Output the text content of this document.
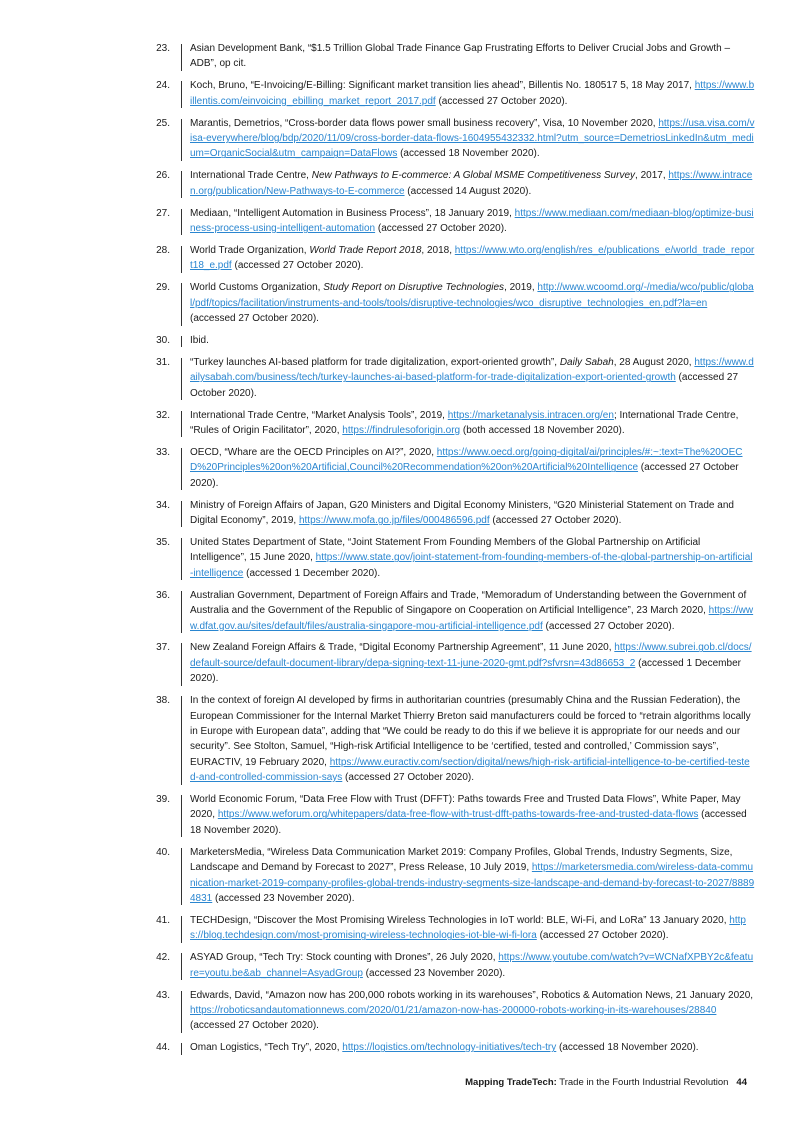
23. Asian Development Bank, “$1.5 Trillion Global Trade Finance Gap Frustrating Efforts to Deliver Crucial Jobs and Growth – ADB”, op cit.
24. Koch, Bruno, “E-Invoicing/E-Billing: Significant market transition lies ahead”, Billentis No. 180517 5, 18 May 2017, https://www.billentis.com/einvoicing_ebilling_market_report_2017.pdf (accessed 27 October 2020).
25. Marantis, Demetrios, “Cross-border data flows power small business recovery”, Visa, 10 November 2020, https://usa.visa.com/visa-everywhere/blog/bdp/2020/11/09/cross-border-data-flows-1604955432332.html?utm_source=DemetriosLinkedIn&utm_medium=OrganicSocial&utm_campaign=DataFlows (accessed 18 November 2020).
26. International Trade Centre, New Pathways to E-commerce: A Global MSME Competitiveness Survey, 2017, https://www.intracen.org/publication/New-Pathways-to-E-commerce (accessed 14 August 2020).
27. Mediaan, “Intelligent Automation in Business Process”, 18 January 2019, https://www.mediaan.com/mediaan-blog/optimize-business-process-using-intelligent-automation (accessed 27 October 2020).
28. World Trade Organization, World Trade Report 2018, 2018, https://www.wto.org/english/res_e/publications_e/world_trade_report18_e.pdf (accessed 27 October 2020).
29. World Customs Organization, Study Report on Disruptive Technologies, 2019, http://www.wcoomd.org/-/media/wco/public/global/pdf/topics/facilitation/instruments-and-tools/tools/disruptive-technologies/wco_disruptive_technologies_en.pdf?la=en (accessed 27 October 2020).
30. Ibid.
31. “Turkey launches AI-based platform for trade digitalization, export-oriented growth”, Daily Sabah, 28 August 2020, https://www.dailysabah.com/business/tech/turkey-launches-ai-based-platform-for-trade-digitalization-export-oriented-growth (accessed 27 October 2020).
32. International Trade Centre, “Market Analysis Tools”, 2019, https://marketanalysis.intracen.org/en; International Trade Centre, “Rules of Origin Facilitator”, 2020, https://findrulesoforigin.org (both accessed 18 November 2020).
33. OECD, “Whare are the OECD Principles on AI?”, 2020, https://www.oecd.org/going-digital/ai/principles/#:~:text=The%20OECD%20Principles%20on%20Artificial,Council%20Recommendation%20on%20Artificial%20Intelligence (accessed 27 October 2020).
34. Ministry of Foreign Affairs of Japan, G20 Ministers and Digital Economy Ministers, “G20 Ministerial Statement on Trade and Digital Economy”, 2019, https://www.mofa.go.jp/files/000486596.pdf (accessed 27 October 2020).
35. United States Department of State, “Joint Statement From Founding Members of the Global Partnership on Artificial Intelligence”, 15 June 2020, https://www.state.gov/joint-statement-from-founding-members-of-the-global-partnership-on-artificial-intelligence (accessed 1 December 2020).
36. Australian Government, Department of Foreign Affairs and Trade, “Memoradum of Understanding between the Government of Australia and the Government of the Republic of Singapore on Cooperation on Artificial Intelligence”, 23 March 2020, https://www.dfat.gov.au/sites/default/files/australia-singapore-mou-artificial-intelligence.pdf (accessed 27 October 2020).
37. New Zealand Foreign Affairs & Trade, “Digital Economy Partnership Agreement”, 11 June 2020, https://www.subrei.gob.cl/docs/default-source/default-document-library/depa-signing-text-11-june-2020-gmt.pdf?sfvrsn=43d86653_2 (accessed 1 December 2020).
38. In the context of foreign AI developed by firms in authoritarian countries (presumably China and the Russian Federation), the European Commissioner for the Internal Market Thierry Breton said manufacturers could be forced to “retrain algorithms locally in Europe with European data”, adding that “We could be ready to do this if we believe it is appropriate for our needs and our security”. See Stolton, Samuel, “High-risk Artificial Intelligence to be ‘certified, tested and controlled,’ Commission says”, EURACTIV, 19 February 2020, https://www.euractiv.com/section/digital/news/high-risk-artificial-intelligence-to-be-certified-tested-and-controlled-commission-says (accessed 27 October 2020).
39. World Economic Forum, “Data Free Flow with Trust (DFFT): Paths towards Free and Trusted Data Flows”, White Paper, May 2020, https://www.weforum.org/whitepapers/data-free-flow-with-trust-dfft-paths-towards-free-and-trusted-data-flows (accessed 18 November 2020).
40. MarketersMedia, “Wireless Data Communication Market 2019: Company Profiles, Global Trends, Industry Segments, Size, Landscape and Demand by Forecast to 2027”, Press Release, 10 July 2019, https://marketersmedia.com/wireless-data-communication-market-2019-company-profiles-global-trends-industry-segments-size-landscape-and-demand-by-forecast-to-2027/88894831 (accessed 23 November 2020).
41. TECHDesign, “Discover the Most Promising Wireless Technologies in IoT world: BLE, Wi-Fi, and LoRa” 13 January 2020, https://blog.techdesign.com/most-promising-wireless-technologies-iot-ble-wi-fi-lora (accessed 27 October 2020).
42. ASYAD Group, “Tech Try: Stock counting with Drones”, 26 July 2020, https://www.youtube.com/watch?v=WCNafXPBY2c&feature=youtu.be&ab_channel=AsyadGroup (accessed 23 November 2020).
43. Edwards, David, “Amazon now has 200,000 robots working in its warehouses”, Robotics & Automation News, 21 January 2020, https://roboticsandautomationnews.com/2020/01/21/amazon-now-has-200000-robots-working-in-its-warehouses/28840 (accessed 27 October 2020).
44. Oman Logistics, “Tech Try”, 2020, https://logistics.om/technology-initiatives/tech-try (accessed 18 November 2020).
Mapping TradeTech: Trade in the Fourth Industrial Revolution 44
